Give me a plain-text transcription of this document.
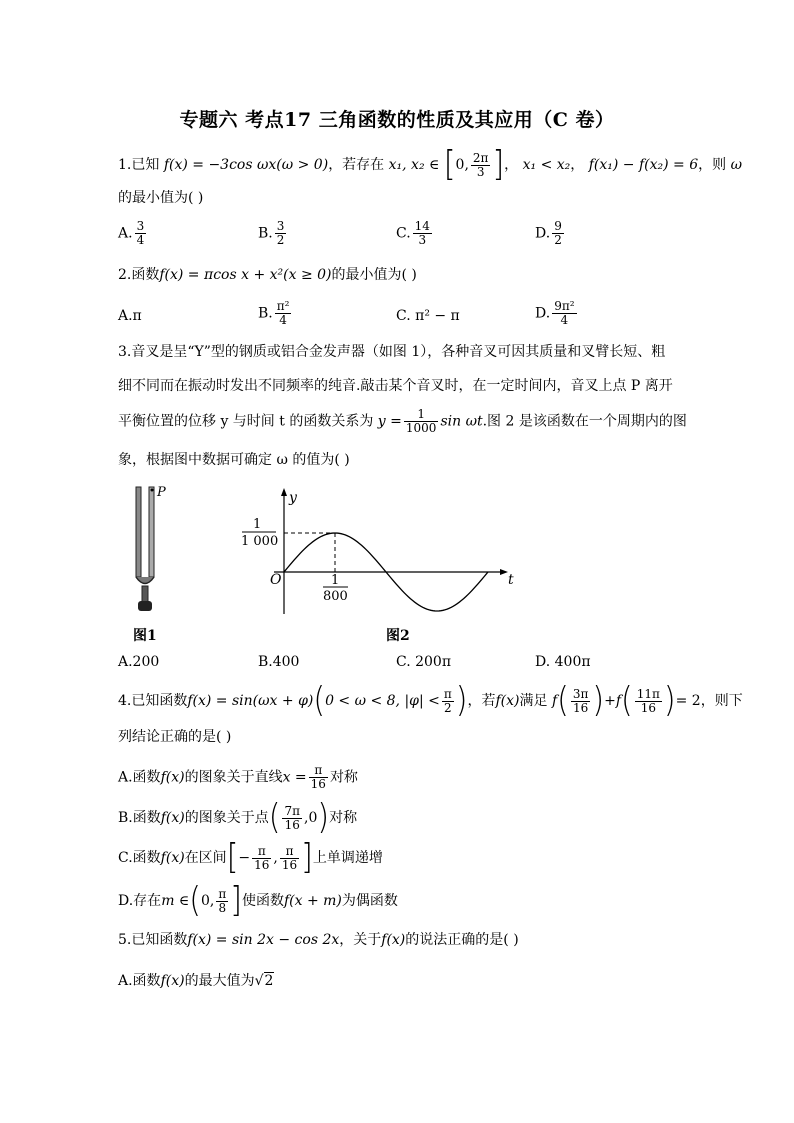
专题六 考点17 三角函数的性质及其应用（C 卷）
1.已知 f(x) = −3cos ωx(ω > 0)，若存在 x₁, x₂ ∈ [0, $\frac{2\pi}{3}$ ]， x₁ < x₂， f(x₁) − f(x₂) = 6，则 ω
的最小值为( )
A. $\frac{3}{4}$	B. $\frac{3}{2}$	C. $\frac{14}{3}$	D. $\frac{9}{2}$
2.函数f(x) = πcos x + x²(x ≥ 0)的最小值为( )
A.π	B. $\frac{\text{π²}}{4}$	C. π² − π	D. $\frac{\text{9π²}}{4}$
3.音叉是呈“Y”型的钢质或铝合金发声器（如图 1），各种音叉可因其质量和叉臂长短、粗
细不同而在振动时发出不同频率的纯音.敲击某个音叉时，在一定时间内，音叉上点 P 离开
平衡位置的位移 y 与时间 t 的函数关系为 $y = \frac{1}{1000}$ sin ωt.图 2 是该函数在一个周期内的图
象，根据图中数据可确定 ω 的值为( )
P
图1
y
t
O
1
1 000
1
800
图2
A.200	B.400	C. 200π	D. 400π
4.已知函数f(x) = sin(ωx + φ)(0 < ω < 8, $|\varphi| < \frac{\pi}{2}$ )，若f(x)满足 $f( \frac{3\pi}{16} )+f( \frac{11\pi}{16}$ )= 2，则下
列结论正确的是( )
A.函数f(x)的图象关于直线$x = \frac{\pi}{16}$ 对称
B.函数f(x)的图象关于点( $\frac{7\pi}{16} ,0$)对称
C.函数f(x)在区间[− $\frac{\pi}{16}$ , $\frac{\pi}{16}$ ]上单调递增
D.存在m ∈(0, $\frac{\pi}{8}$ ]使函数f(x + m)为偶函数
5.已知函数f(x) = sin 2x − cos 2x，关于f(x)的说法正确的是( )
A.函数f(x)的最大值为√2
